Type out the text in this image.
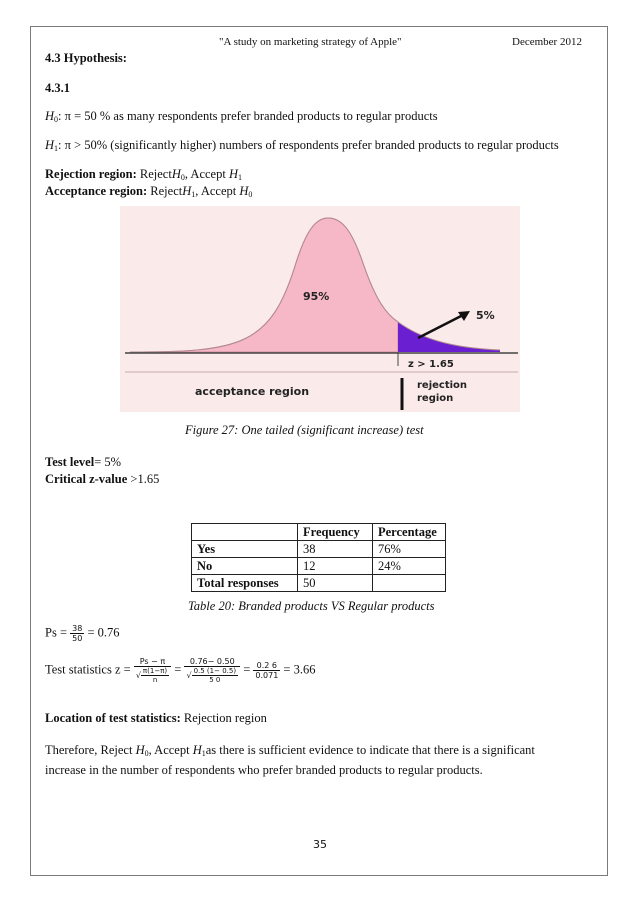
"A study on marketing strategy of Apple"	December 2012
4.3 Hypothesis:
4.3.1
$H_0$: π = 50 % as many respondents prefer branded products to regular products
$H_1$: π > 50% (significantly higher) numbers of respondents prefer branded products to regular products
Rejection region: RejectH$_0$, Accept $H_1$
Acceptance region: RejectH$_1$, Accept $H_0$
95%
5%
z > 1.65
acceptance region	rejection
region
Figure 27: One tailed (significant increase) test
Test level= 5%
Critical z-value >1.65
	Frequency	Percentage
Yes	38	76%
No	12	24%
Total responses	50	
Table 20: Branded products VS Regular products
$Ps = \frac{38}{50} = 0.76$
Test statistics $z = \frac{Ps - \pi}{√ \frac{\pi(1-\pi)}{n}} = \frac{0.76- 0.50}{√ \frac{0.5 (1- 0.5)}{5 0}} = \frac{0.2 6}{0.071} = 3.66$
Location of test statistics: Rejection region
Therefore, Reject $H_0$, Accept $H_1as$ there is sufficient evidence to indicate that there is a significant
increase in the number of respondents who prefer branded products to regular products.
35
